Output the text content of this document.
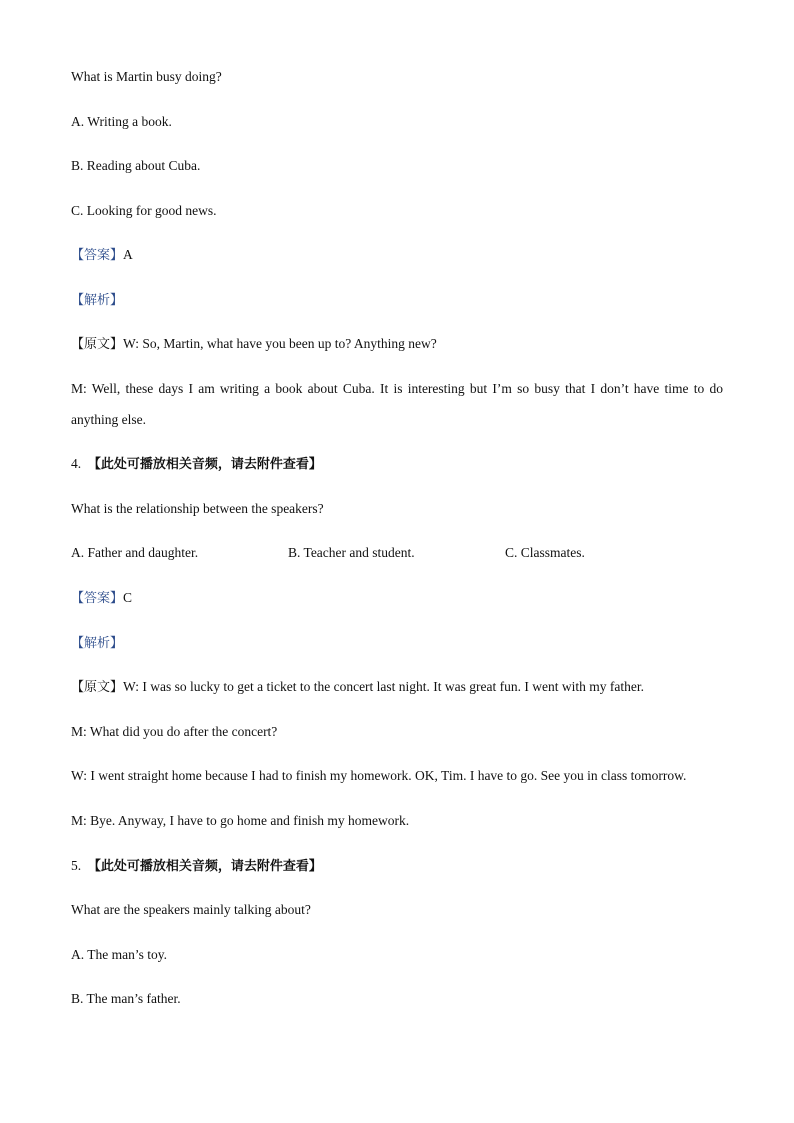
What is Martin busy doing?
A. Writing a book.
B. Reading about Cuba.
C. Looking for good news.
【答案】A
【解析】
【原文】W: So, Martin, what have you been up to? Anything new?
M: Well, these days I am writing a book about Cuba. It is interesting but I’m so busy that I don’t have time to do anything else.
4. 【此处可播放相关音频，请去附件查看】
What is the relationship between the speakers?
A. Father and daughter.	B. Teacher and student.	C. Classmates.
【答案】C
【解析】
【原文】W: I was so lucky to get a ticket to the concert last night. It was great fun. I went with my father.
M: What did you do after the concert?
W: I went straight home because I had to finish my homework. OK, Tim. I have to go. See you in class tomorrow.
M: Bye. Anyway, I have to go home and finish my homework.
5. 【此处可播放相关音频，请去附件查看】
What are the speakers mainly talking about?
A. The man’s toy.
B. The man’s father.
